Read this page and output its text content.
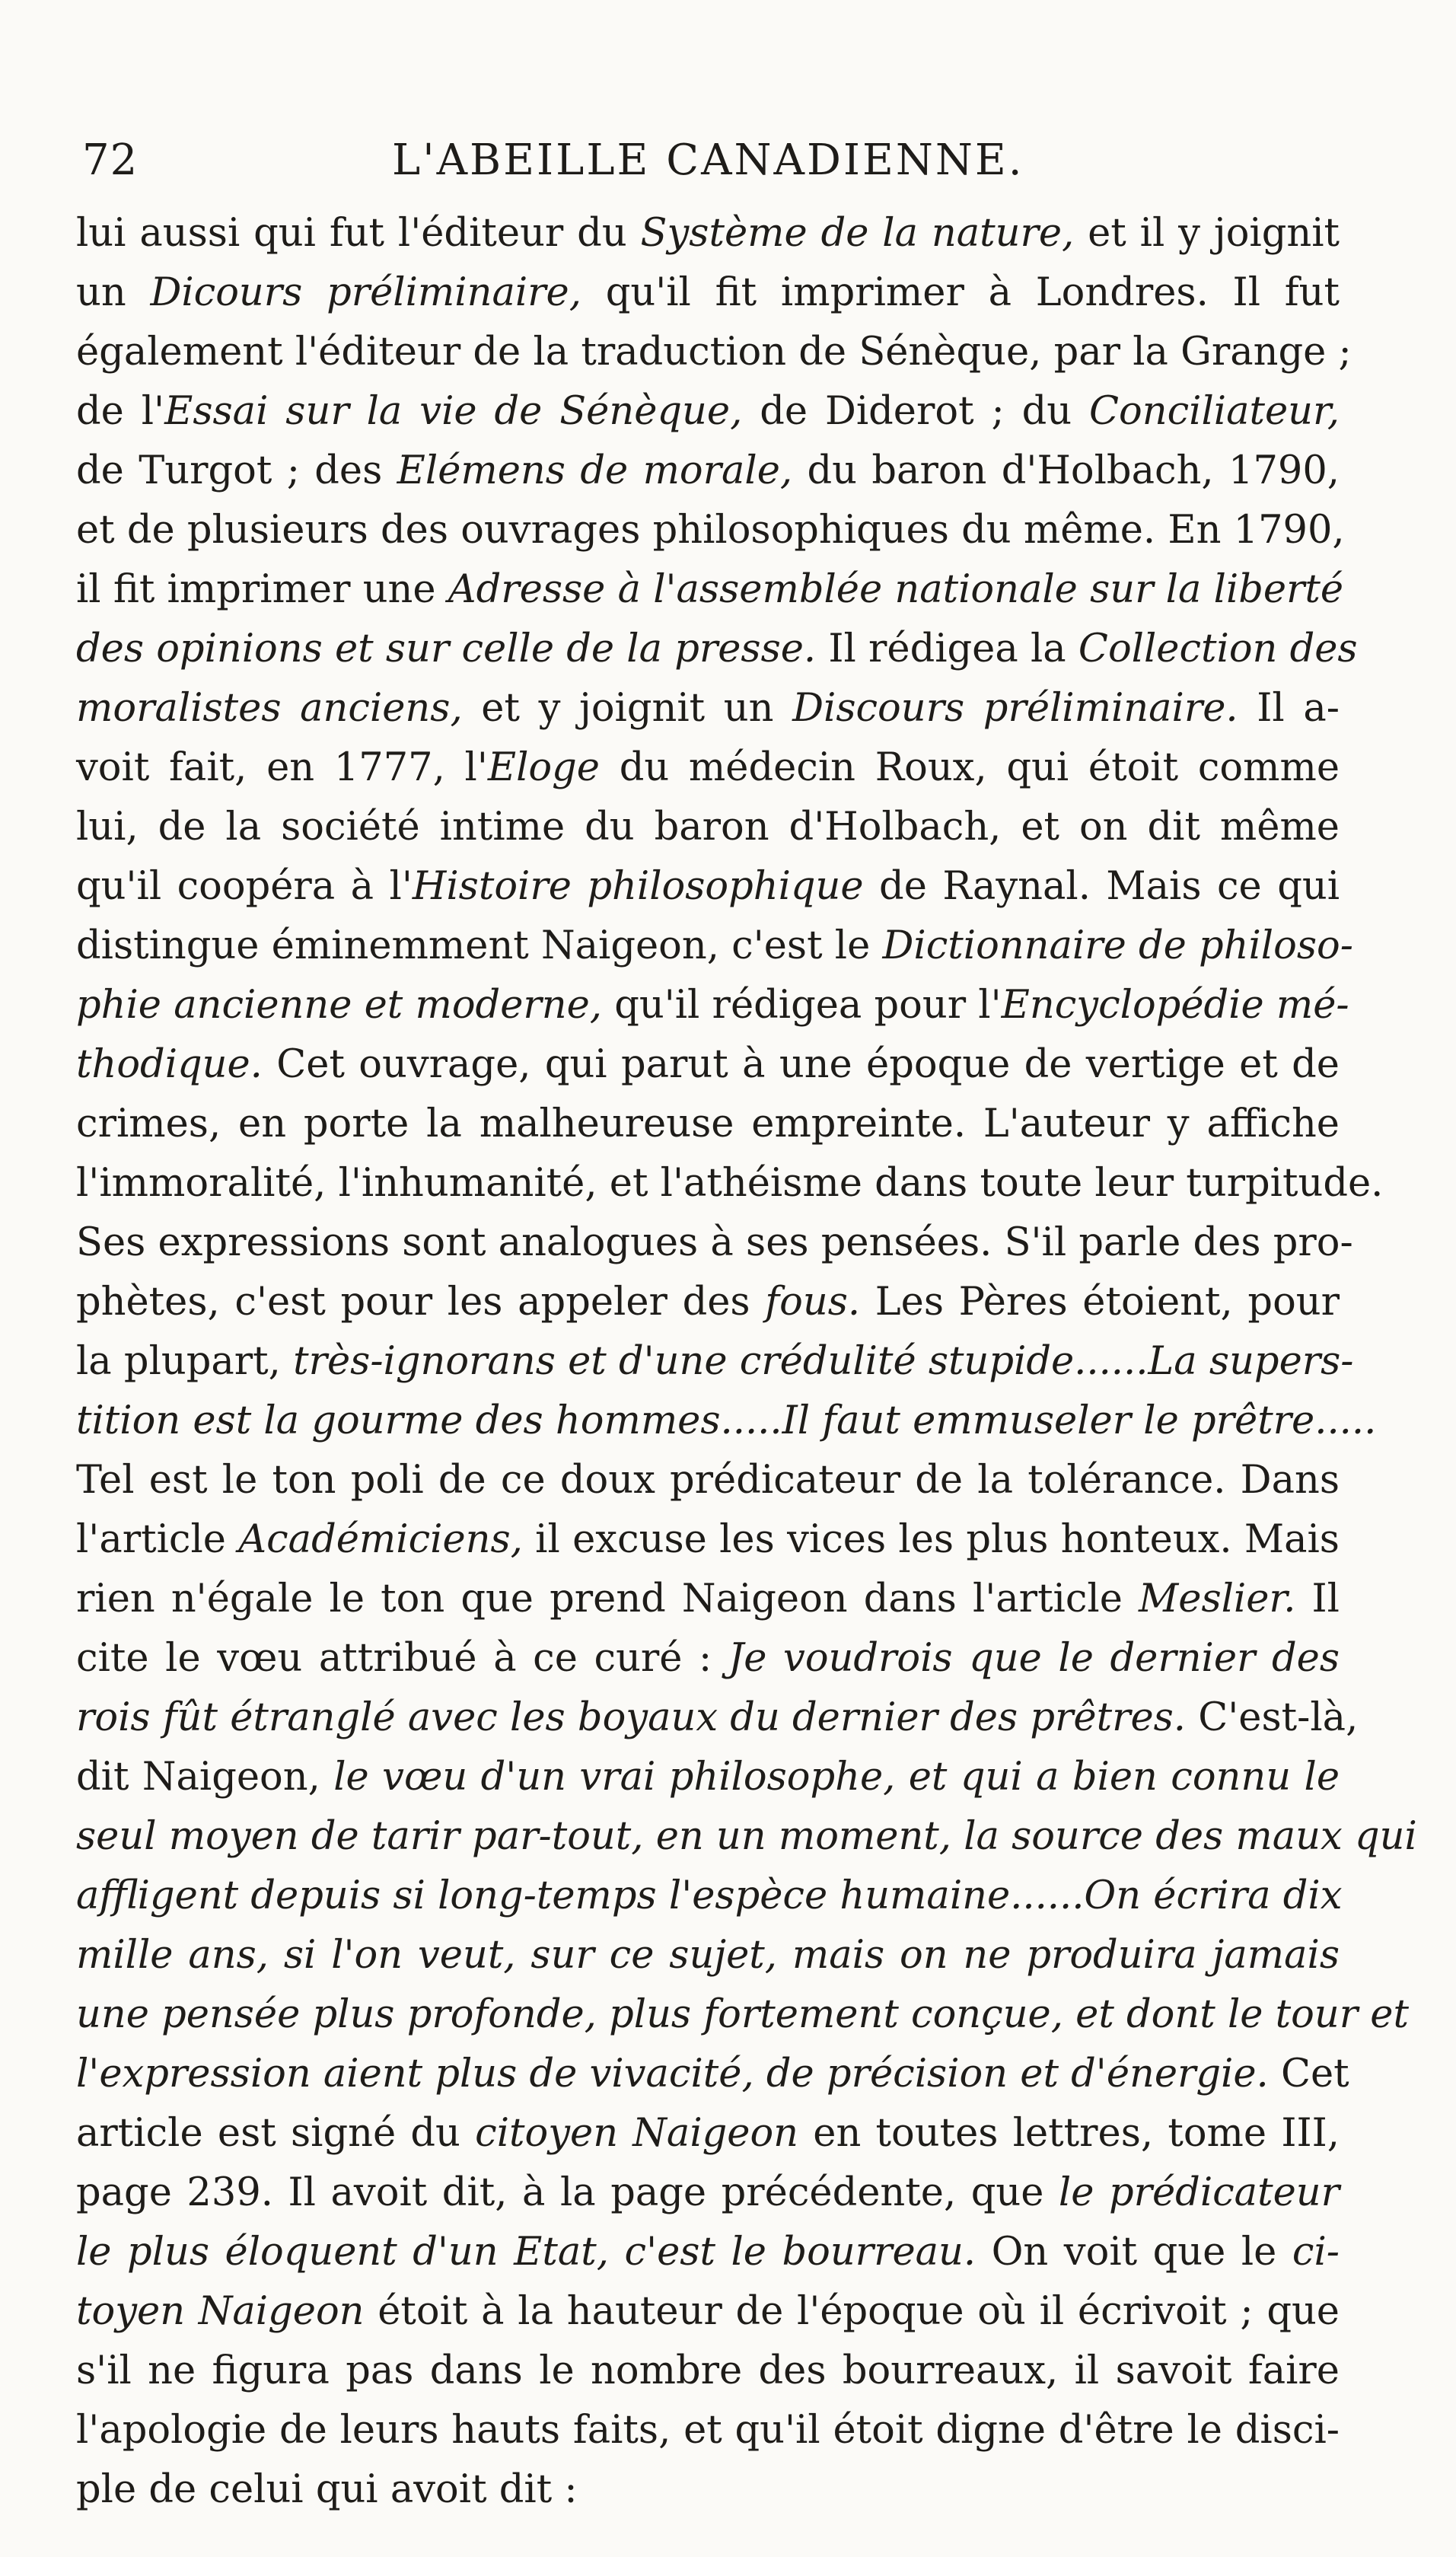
72	L'ABEILLE CANADIENNE.
lui aussi qui fut l'éditeur du Système de la nature, et il y joignit
un Dicours préliminaire, qu'il fit imprimer à Londres. Il fut
également l'éditeur de la traduction de Sénèque, par la Grange ;
de l'Essai sur la vie de Sénèque, de Diderot ; du Conciliateur,
de Turgot ; des Elémens de morale, du baron d'Holbach, 1790,
et de plusieurs des ouvrages philosophiques du même. En 1790,
il fit imprimer une Adresse à l'assemblée nationale sur la liberté
des opinions et sur celle de la presse. Il rédigea la Collection des
moralistes anciens, et y joignit un Discours préliminaire. Il a-
voit fait, en 1777, l'Eloge du médecin Roux, qui étoit comme
lui, de la société intime du baron d'Holbach, et on dit même
qu'il coopéra à l'Histoire philosophique de Raynal. Mais ce qui
distingue éminemment Naigeon, c'est le Dictionnaire de philoso-
phie ancienne et moderne, qu'il rédigea pour l'Encyclopédie mé-
thodique. Cet ouvrage, qui parut à une époque de vertige et de
crimes, en porte la malheureuse empreinte. L'auteur y affiche
l'immoralité, l'inhumanité, et l'athéisme dans toute leur turpitude.
Ses expressions sont analogues à ses pensées. S'il parle des pro-
phètes, c'est pour les appeler des fous. Les Pères étoient, pour
la plupart, très-ignorans et d'une crédulité stupide......La supers-
tition est la gourme des hommes.....Il faut emmuseler le prêtre.....
Tel est le ton poli de ce doux prédicateur de la tolérance. Dans
l'article Académiciens, il excuse les vices les plus honteux. Mais
rien n'égale le ton que prend Naigeon dans l'article Meslier. Il
cite le vœu attribué à ce curé : Je voudrois que le dernier des
rois fût étranglé avec les boyaux du dernier des prêtres. C'est-là,
dit Naigeon, le vœu d'un vrai philosophe, et qui a bien connu le
seul moyen de tarir par-tout, en un moment, la source des maux qui
affligent depuis si long-temps l'espèce humaine......On écrira dix
mille ans, si l'on veut, sur ce sujet, mais on ne produira jamais
une pensée plus profonde, plus fortement conçue, et dont le tour et
l'expression aient plus de vivacité, de précision et d'énergie. Cet
article est signé du citoyen Naigeon en toutes lettres, tome III,
page 239. Il avoit dit, à la page précédente, que le prédicateur
le plus éloquent d'un Etat, c'est le bourreau. On voit que le ci-
toyen Naigeon étoit à la hauteur de l'époque où il écrivoit ; que
s'il ne figura pas dans le nombre des bourreaux, il savoit faire
l'apologie de leurs hauts faits, et qu'il étoit digne d'être le disci-
ple de celui qui avoit dit :
